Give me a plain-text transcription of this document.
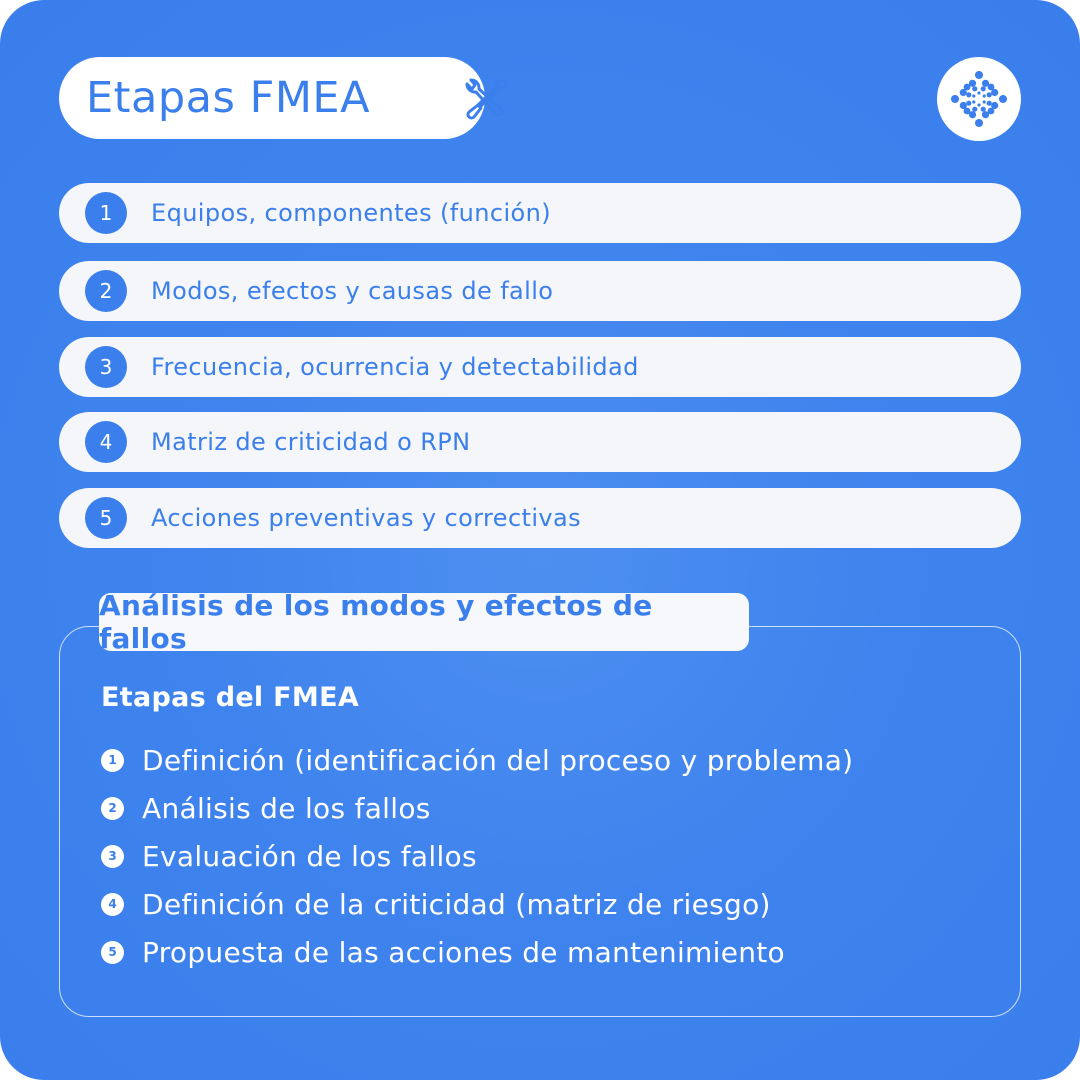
Etapas FMEA
1	Equipos, componentes (función)
2	Modos, efectos y causas de fallo
3	Frecuencia, ocurrencia y detectabilidad
4	Matriz de criticidad o RPN
5	Acciones preventivas y correctivas
Análisis de los modos y efectos de fallos
Etapas del FMEA
1 Definición (identificación del proceso y problema)
2 Análisis de los fallos
3 Evaluación de los fallos
4 Definición de la criticidad (matriz de riesgo)
5 Propuesta de las acciones de mantenimiento
